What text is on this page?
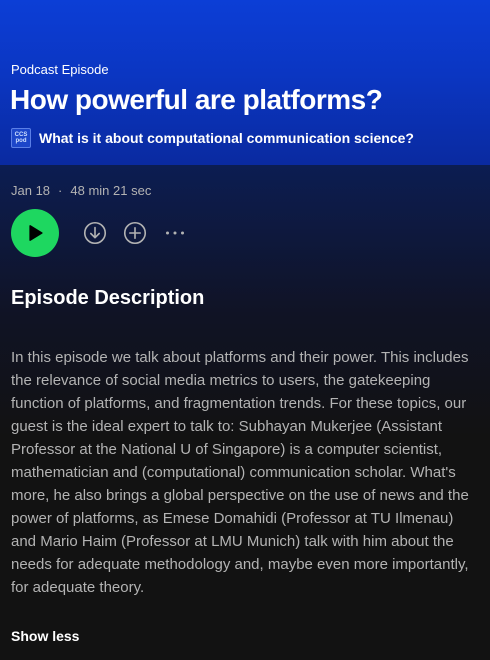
Podcast Episode
How powerful are platforms?
CCS
pod What is it about computational communication science?
Jan 18 · 48 min 21 sec
Episode Description
In this episode we talk about platforms and their power. This includes the relevance of social media metrics to users, the gatekeeping function of platforms, and fragmentation trends. For these topics, our guest is the ideal expert to talk to: Subhayan Mukerjee (Assistant Professor at the National U of Singapore) is a computer scientist, mathematician and (computational) communication scholar. What's more, he also brings a global perspective on the use of news and the power of platforms, as Emese Domahidi (Professor at TU Ilmenau) and Mario Haim (Professor at LMU Munich) talk with him about the needs for adequate methodology and, maybe even more importantly, for adequate theory.
Show less
